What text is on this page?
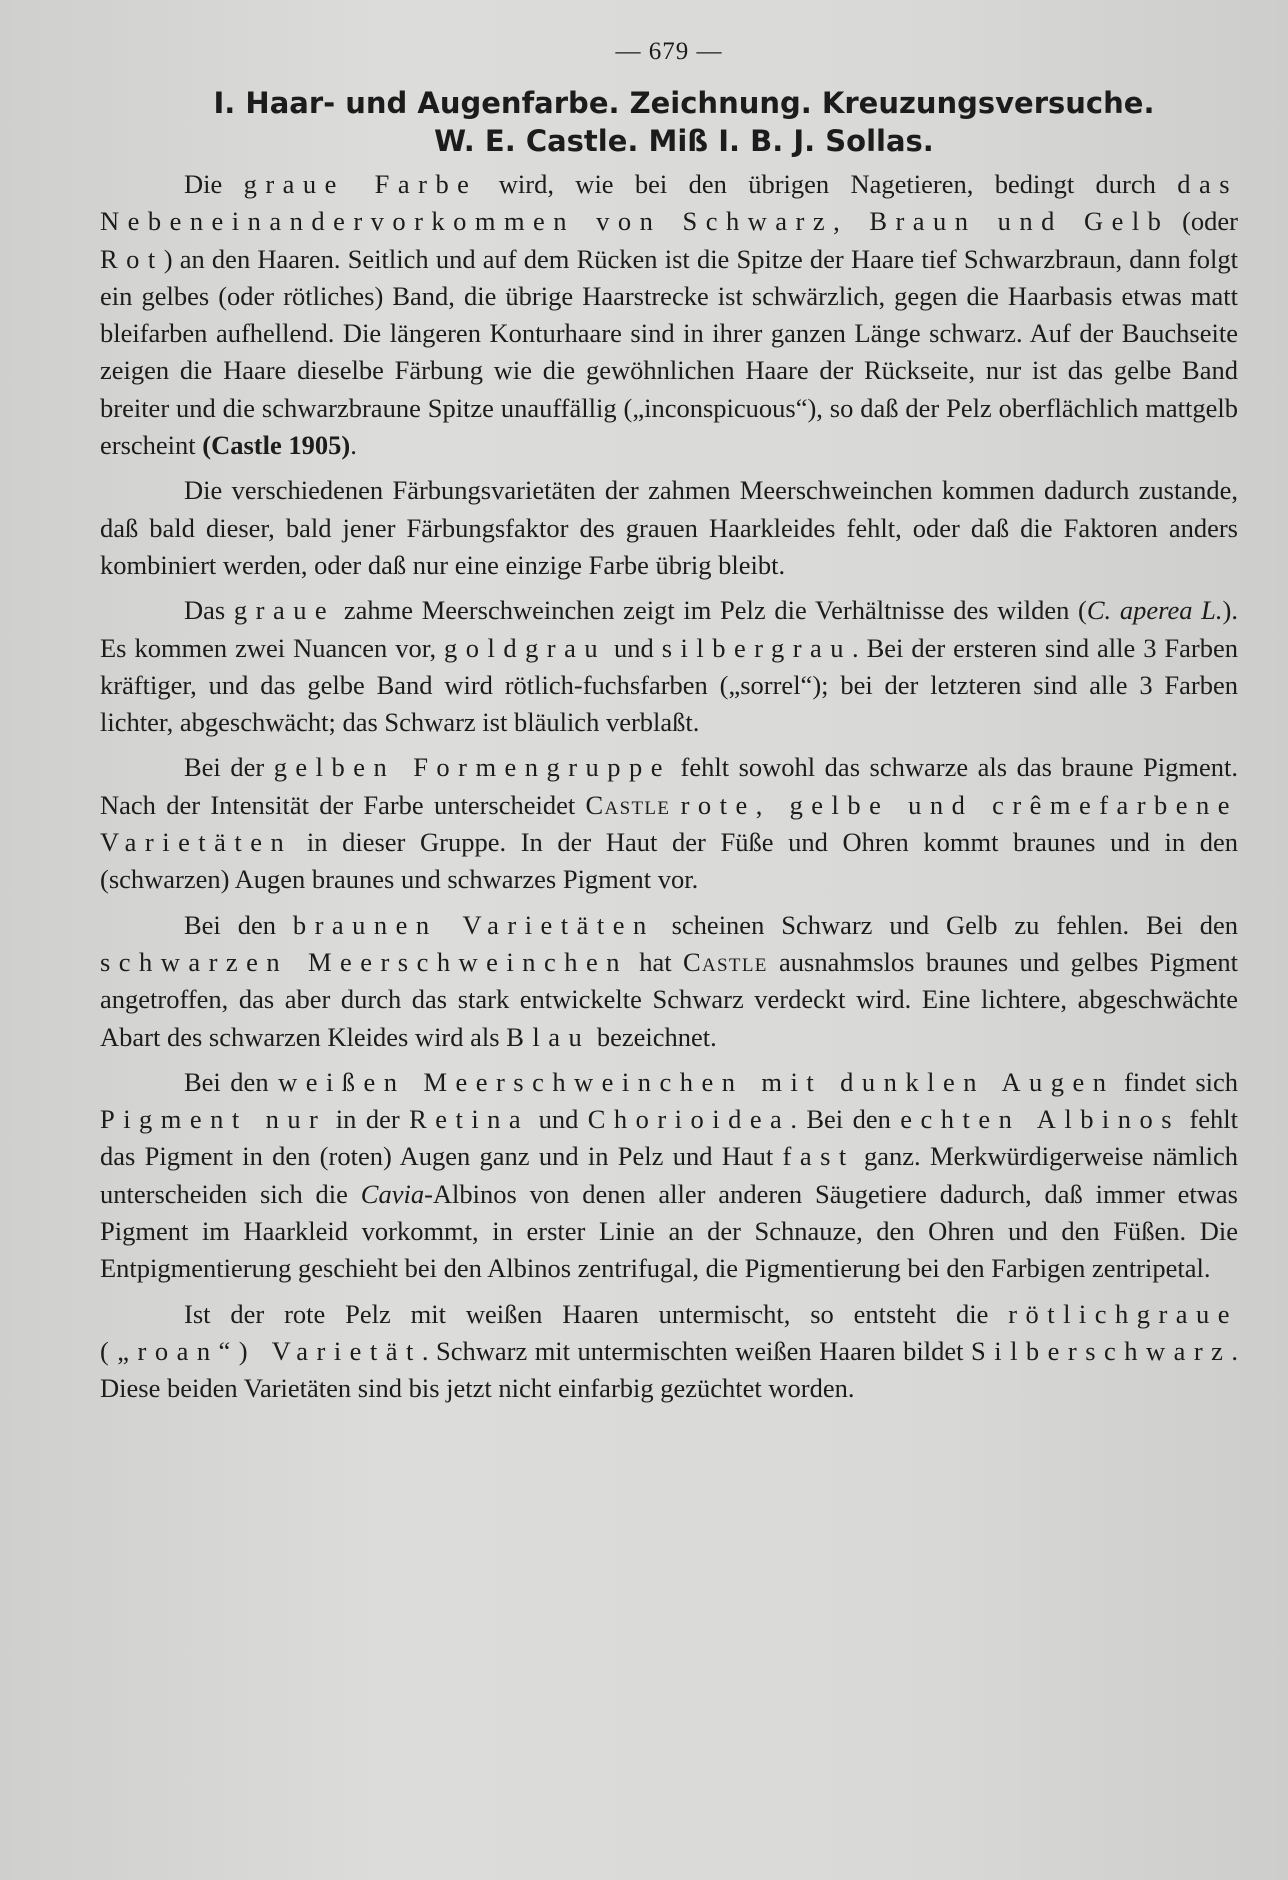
— 679 —
I. Haar- und Augenfarbe. Zeichnung. Kreuzungsversuche.
W. E. Castle. Miß I. B. J. Sollas.

Die graue Farbe wird, wie bei den übrigen Nagetieren, bedingt durch das Nebeneinandervorkommen von Schwarz, Braun und Gelb (oder Rot) an den Haaren. Seitlich und auf dem Rücken ist die Spitze der Haare tief Schwarzbraun, dann folgt ein gelbes (oder rötliches) Band, die übrige Haarstrecke ist schwärzlich, gegen die Haarbasis etwas matt bleifarben aufhellend. Die längeren Konturhaare sind in ihrer ganzen Länge schwarz. Auf der Bauchseite zeigen die Haare dieselbe Färbung wie die gewöhnlichen Haare der Rückseite, nur ist das gelbe Band breiter und die schwarzbraune Spitze unauffällig („inconspicuous“), so daß der Pelz oberflächlich mattgelb erscheint (Castle 1905).

Die verschiedenen Färbungsvarietäten der zahmen Meerschweinchen kommen dadurch zustande, daß bald dieser, bald jener Färbungsfaktor des grauen Haarkleides fehlt, oder daß die Faktoren anders kombiniert werden, oder daß nur eine einzige Farbe übrig bleibt.

Das graue zahme Meerschweinchen zeigt im Pelz die Verhältnisse des wilden (C. aperea L.). Es kommen zwei Nuancen vor, goldgrau und silbergrau. Bei der ersteren sind alle 3 Farben kräftiger, und das gelbe Band wird rötlich-fuchsfarben („sorrel“); bei der letzteren sind alle 3 Farben lichter, abgeschwächt; das Schwarz ist bläulich verblaßt.

Bei der gelben Formengruppe fehlt sowohl das schwarze als das braune Pigment. Nach der Intensität der Farbe unterscheidet Castle rote, gelbe und crêmefarbene Varietäten in dieser Gruppe. In der Haut der Füße und Ohren kommt braunes und in den (schwarzen) Augen braunes und schwarzes Pigment vor.

Bei den braunen Varietäten scheinen Schwarz und Gelb zu fehlen. Bei den schwarzen Meerschweinchen hat Castle ausnahmslos braunes und gelbes Pigment angetroffen, das aber durch das stark entwickelte Schwarz verdeckt wird. Eine lichtere, abgeschwächte Abart des schwarzen Kleides wird als Blau bezeichnet.

Bei den weißen Meerschweinchen mit dunklen Augen findet sich Pigment nur in der Retina und Chorioidea. Bei den echten Albinos fehlt das Pigment in den (roten) Augen ganz und in Pelz und Haut fast ganz. Merkwürdigerweise nämlich unterscheiden sich die Cavia-Albinos von denen aller anderen Säugetiere dadurch, daß immer etwas Pigment im Haarkleid vorkommt, in erster Linie an der Schnauze, den Ohren und den Füßen. Die Entpigmentierung geschieht bei den Albinos zentrifugal, die Pigmentierung bei den Farbigen zentripetal.

Ist der rote Pelz mit weißen Haaren untermischt, so entsteht die rötlichgraue („roan“) Varietät. Schwarz mit untermischten weißen Haaren bildet Silberschwarz. Diese beiden Varietäten sind bis jetzt nicht einfarbig gezüchtet worden.
